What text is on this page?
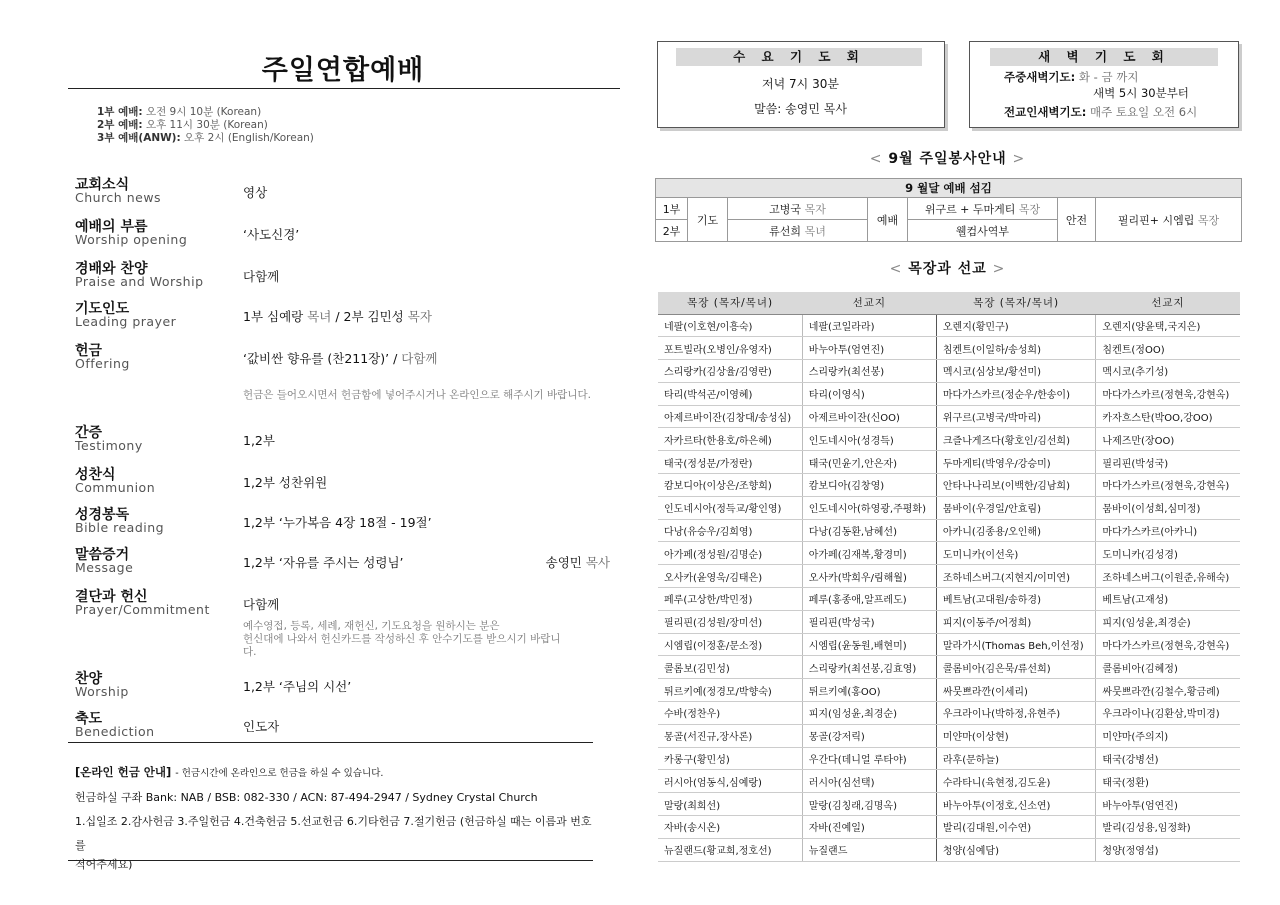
주일연합예배
1부 예배: 오전 9시 10분 (Korean)
2부 예배: 오후 11시 30분 (Korean)
3부 예배(ANW): 오후 2시 (English/Korean)
교회소식
Church news	영상
예배의 부름
Worship opening	‘사도신경’
경배와 찬양
Praise and Worship	다함께
기도인도
Leading prayer	1부 심예랑 목녀 / 2부 김민성 목자
헌금
Offering	‘값비싼 향유를 (찬211장)’ / 다함께
간증
Testimony	1,2부
성찬식
Communion	1,2부 성찬위원
성경봉독
Bible reading	1,2부 ‘누가복음 4장 18절 - 19절’
말씀증거
Message	1,2부 ‘자유를 주시는 성령님’	송영민 목사
결단과 헌신
Prayer/Commitment	다함께
찬양
Worship	1,2부 ‘주님의 시선’
축도
Benediction	인도자
헌금은 들어오시면서 헌금함에 넣어주시거나 온라인으로 해주시기 바랍니다.
예수영접, 등록, 세례, 재헌신, 기도요청을 원하시는 분은
헌신대에 나와서 헌신카드를 작성하신 후 안수기도를 받으시기 바랍니
다.
[온라인 헌금 안내] - 헌금시간에 온라인으로 헌금을 하실 수 있습니다.
헌금하실 구좌 Bank: NAB / BSB: 082-330 / ACN: 87-494-2947 / Sydney Crystal Church
1.십일조 2.감사헌금 3.주일헌금 4.건축헌금 5.선교헌금 6.기타헌금 7.절기헌금 (헌금하실 때는 이름과 번호를
적어주세요)
수 요 기 도 회
저녁 7시 30분
말씀: 송영민 목사
새 벽 기 도 회
주중새벽기도: 화 - 금 까지
새벽 5시 30분부터
전교인새벽기도: 매주 토요일 오전 6시
< 9월 주일봉사안내 >
9 월달 예배 섬김						
1부	기도	고병국 목자	예배	위구르 + 두마게티 목장	안전	필리핀+ 시엠립 목장
2부		류선희 목녀		웰컴사역부		
< 목장과 선교 >
목장 (목자/목녀)	선교지	목장 (목자/목녀)	선교지
네팔(이호현/이흥숙)	네팔(코일라라)	오렌지(황민구)	오렌지(양윤택,국지은)
포트빌라(오병인/유영자)	바누아투(엄연진)	침켄트(이일하/송성희)	침켄트(정OO)
스리랑카(김상율/김영란)	스리랑카(최선봉)	멕시코(심상보/황선미)	멕시코(추기성)
타리(박석곤/이영혜)	타리(이영식)	마다가스카르(정순우/한송이)	마다가스카르(정현욱,강현옥)
아제르바이잔(김창대/송성심)	아제르바이잔(신OO)	위구르(고병국/박마리)	카자흐스탄(박OO,강OO)
자카르타(한용호/하은혜)	인도네시아(성경득)	크즐나게즈다(황호인/김선희)	나제즈만(장OO)
태국(정성문/가정란)	태국(민윤기,안은자)	두마게티(박영우/강승미)	필리핀(박성국)
캄보디아(이상은/조향희)	캄보디아(김창영)	안타나나리보(이백한/김남희)	마다가스카르(정현욱,강현옥)
인도네시아(정득교/황인영)	인도네시아(하영광,주평화)	뭄바이(우경일/안효림)	뭄바이(이성희,심미정)
다낭(유승우/김희영)	다낭(김동환,남혜선)	아카니(김종용/오인해)	마다가스카르(아카니)
아가페(정성원/김명순)	아가페(김재복,황경미)	도미니카(이선욱)	도미니카(김성경)
오사카(윤영욱/김태은)	오사카(박희우/림해월)	조하네스버그(지현지/이미연)	조하네스버그(이원준,유해숙)
페루(고상한/박민정)	페루(홍종애,알프레도)	베트남(고대원/송하경)	베트남(고재성)
필리핀(김성원/장미선)	필리핀(박성국)	피지(이동주/어정희)	피지(임성윤,최경순)
시엠립(이정훈/문소정)	시엠립(윤동원,배현미)	말라가시(Thomas Beh,이선정)	마다가스카르(정현욱,강현옥)
콜롬보(김민성)	스리랑카(최선봉,김효영)	콜롬비아(김은묵/류선희)	콜롬비아(김혜정)
튀르키예(정경모/박향숙)	튀르키예(홍OO)	싸뭇쁘라깐(이세리)	싸뭇쁘라깐(김철수,황금례)
수바(정찬우)	피지(임성윤,최경순)	우크라이나(박하정,유현주)	우크라이나(김환삼,박미경)
몽골(서진규,장사론)	몽골(강저릭)	미얀마(이상현)	미얀마(주의지)
카롱구(황민성)	우간다(데니얼 루타야)	라후(문하늘)	태국(강병선)
러시아(엄동식,심예랑)	러시아(심선택)	수라타니(육현정,김도윤)	태국(정환)
말랑(최희선)	말랑(김칭래,김명옥)	바누아투(이정호,신소연)	바누아투(엄연진)
자바(송시온)	자바(진예일)	발리(김대원,이수연)	발리(김성용,임정화)
뉴질랜드(황교희,정호선)	뉴질랜드	청양(심예담)	청양(정영섭)
